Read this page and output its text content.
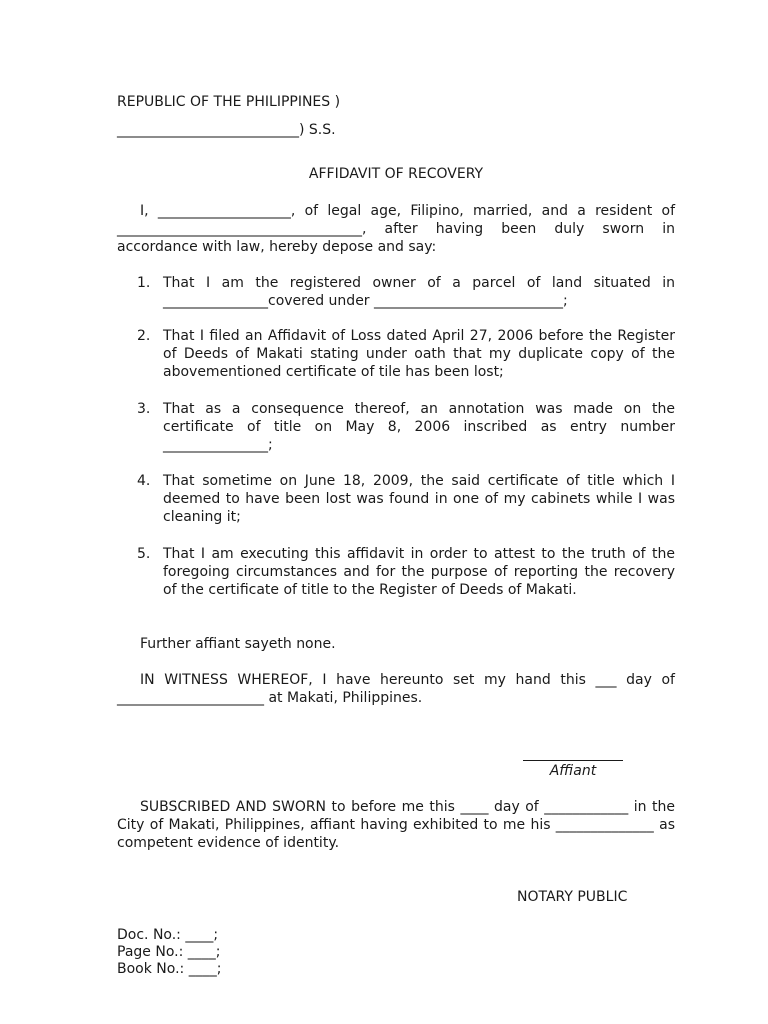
REPUBLIC OF THE PHILIPPINES )

__________________________) S.S.

AFFIDAVIT OF RECOVERY

I, ___________________, of legal age, Filipino, married, and a resident of ___________________________________, after having been duly sworn in accordance with law, hereby depose and say:

1. That I am the registered owner of a parcel of land situated in _______________covered under ___________________________;
2. That I filed an Affidavit of Loss dated April 27, 2006 before the Register of Deeds of Makati stating under oath that my duplicate copy of the abovementioned certificate of tile has been lost;
3. That as a consequence thereof, an annotation was made on the certificate of title on May 8, 2006 inscribed as entry number _______________;
4. That sometime on June 18, 2009, the said certificate of title which I deemed to have been lost was found in one of my cabinets while I was cleaning it;
5. That I am executing this affidavit in order to attest to the truth of the foregoing circumstances and for the purpose of reporting the recovery of the certificate of title to the Register of Deeds of Makati.

Further affiant sayeth none.

IN WITNESS WHEREOF, I have hereunto set my hand this ___ day of _____________________ at Makati, Philippines.

Affiant

SUBSCRIBED AND SWORN to before me this ____ day of ____________ in the City of Makati, Philippines, affiant having exhibited to me his ______________ as competent evidence of identity.

NOTARY PUBLIC

Doc. No.: ____;

Page No.: ____;

Book No.: ____;
